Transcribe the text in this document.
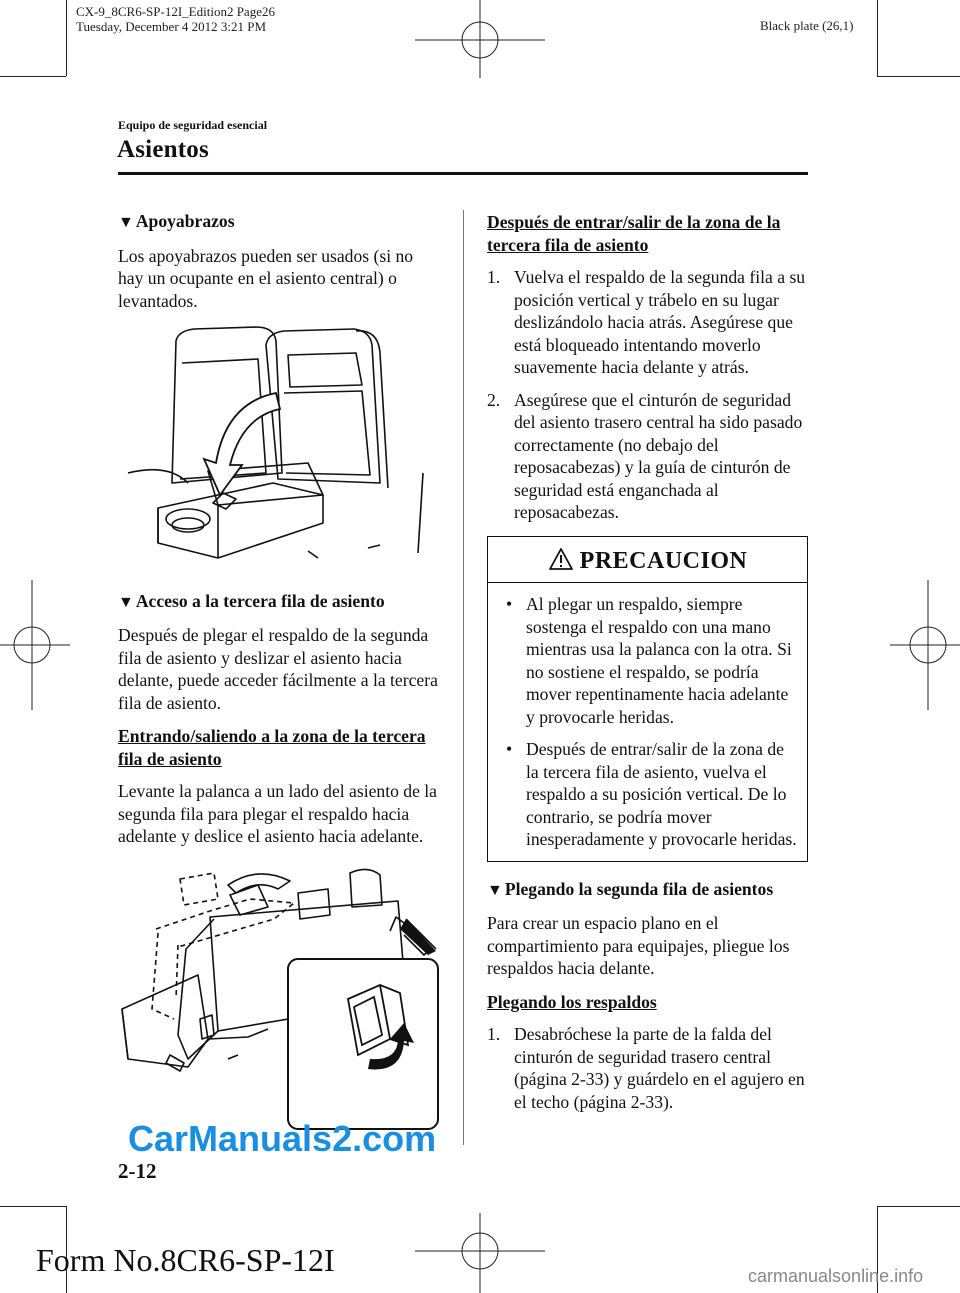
CX-9_8CR6-SP-12I_Edition2 Page26
Tuesday, December 4 2012 3:21 PM	Black plate (26,1)
Equipo de seguridad esencial
Asientos
▼ Apoyabrazos
Los apoyabrazos pueden ser usados (si no hay un ocupante en el asiento central) o levantados.
▼ Acceso a la tercera fila de asiento
Después de plegar el respaldo de la segunda fila de asiento y deslizar el asiento hacia delante, puede acceder fácilmente a la tercera fila de asiento.
Entrando/saliendo a la zona de la tercera fila de asiento
Levante la palanca a un lado del asiento de la segunda fila para plegar el respaldo hacia adelante y deslice el asiento hacia adelante.
Después de entrar/salir de la zona de la tercera fila de asiento
1. Vuelva el respaldo de la segunda fila a su posición vertical y trábelo en su lugar deslizándolo hacia atrás. Asegúrese que está bloqueado intentando moverlo suavemente hacia delante y atrás.
2. Asegúrese que el cinturón de seguridad del asiento trasero central ha sido pasado correctamente (no debajo del reposacabezas) y la guía de cinturón de seguridad está enganchada al reposacabezas.
PRECAUCION
• Al plegar un respaldo, siempre sostenga el respaldo con una mano mientras usa la palanca con la otra. Si no sostiene el respaldo, se podría mover repentinamente hacia adelante y provocarle heridas.
• Después de entrar/salir de la zona de la tercera fila de asiento, vuelva el respaldo a su posición vertical. De lo contrario, se podría mover inesperadamente y provocarle heridas.
▼ Plegando la segunda fila de asientos
Para crear un espacio plano en el compartimiento para equipajes, pliegue los respaldos hacia delante.
Plegando los respaldos
1. Desabróchese la parte de la falda del cinturón de seguridad trasero central (página 2-33) y guárdelo en el agujero en el techo (página 2-33).
CarManuals2.com
2-12
Form No.8CR6-SP-12I	carmanualsonline.info
